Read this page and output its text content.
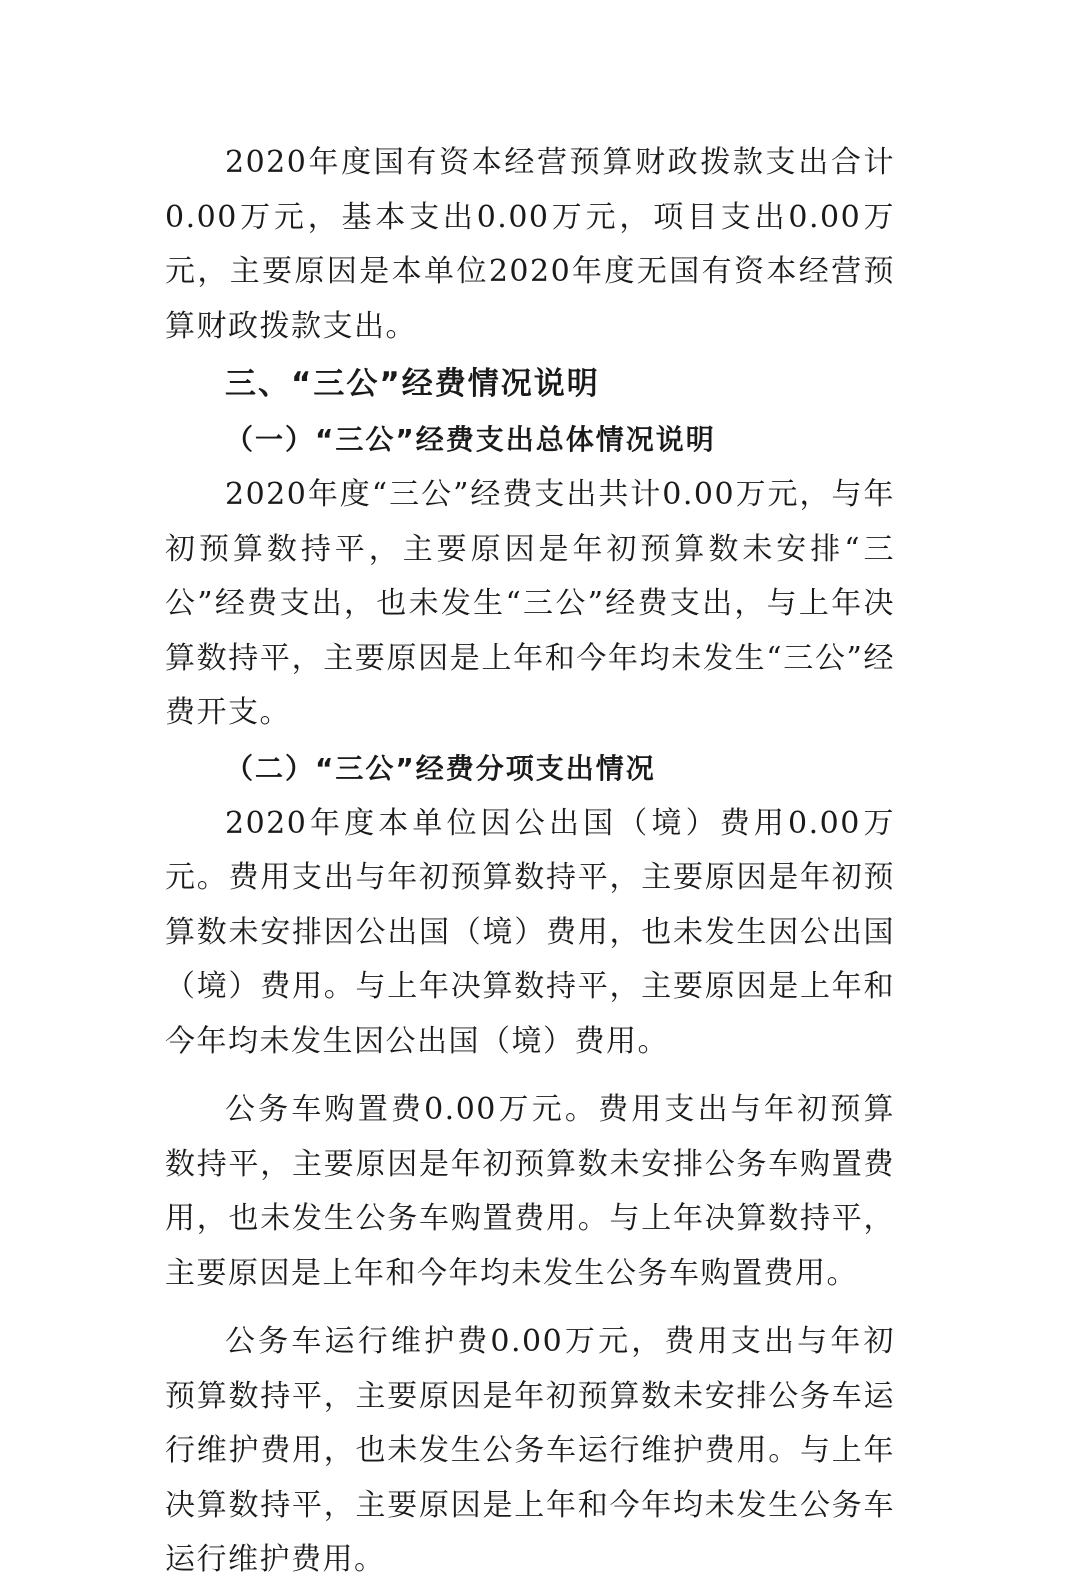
2020年度国有资本经营预算财政拨款支出合计0.00万元，基本支出0.00万元，项目支出0.00万元，主要原因是本单位2020年度无国有资本经营预算财政拨款支出。

三、“三公”经费情况说明
（一）“三公”经费支出总体情况说明

2020年度“三公”经费支出共计0.00万元，与年初预算数持平，主要原因是年初预算数未安排“三公”经费支出，也未发生“三公”经费支出，与上年决算数持平，主要原因是上年和今年均未发生“三公”经费开支。

（二）“三公”经费分项支出情况

2020年度本单位因公出国（境）费用0.00万元。费用支出与年初预算数持平，主要原因是年初预算数未安排因公出国（境）费用，也未发生因公出国（境）费用。与上年决算数持平，主要原因是上年和今年均未发生因公出国（境）费用。

公务车购置费0.00万元。费用支出与年初预算数持平，主要原因是年初预算数未安排公务车购置费用，也未发生公务车购置费用。与上年决算数持平，主要原因是上年和今年均未发生公务车购置费用。

公务车运行维护费0.00万元，费用支出与年初预算数持平，主要原因是年初预算数未安排公务车运行维护费用，也未发生公务车运行维护费用。与上年决算数持平，主要原因是上年和今年均未发生公务车运行维护费用。
